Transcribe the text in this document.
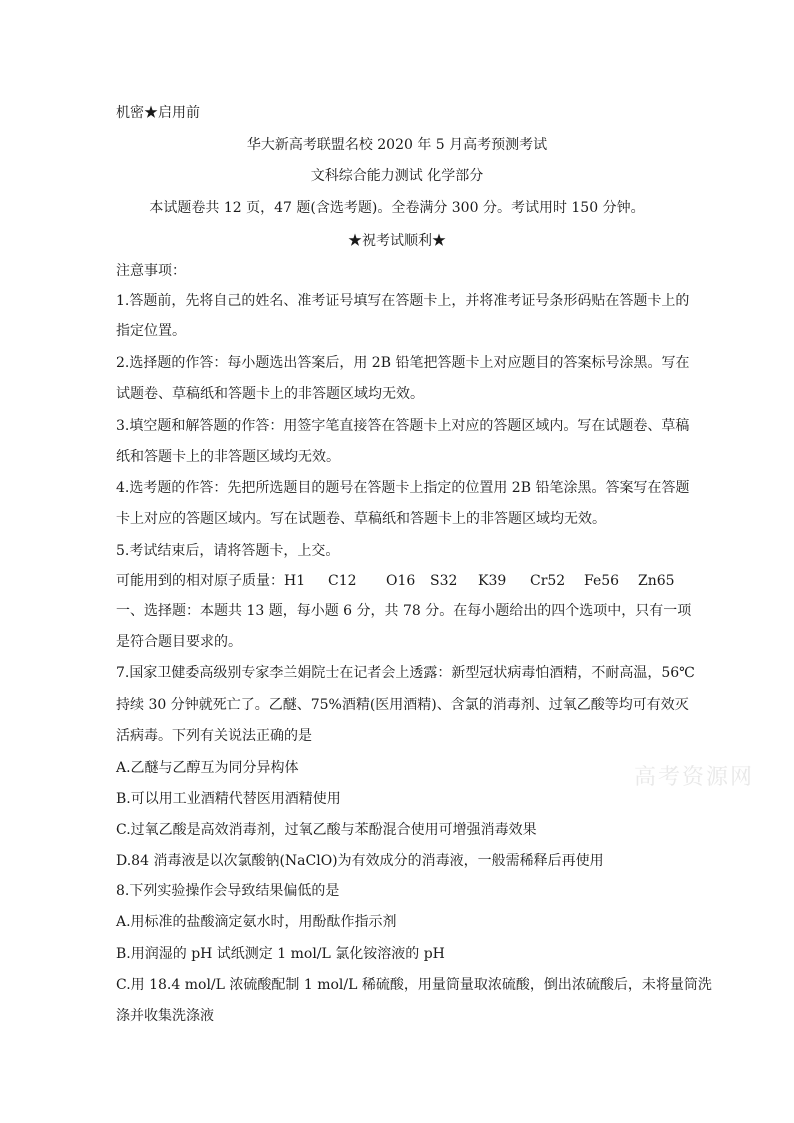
机密★启用前
华大新高考联盟名校 2020 年 5 月高考预测考试
文科综合能力测试 化学部分
本试题卷共 12 页，47 题(含选考题)。全卷满分 300 分。考试用时 150 分钟。
★祝考试顺利★
注意事项：
1.答题前，先将自己的姓名、准考证号填写在答题卡上，并将准考证号条形码贴在答题卡上的
指定位置。
2.选择题的作答：每小题选出答案后，用 2B 铅笔把答题卡上对应题目的答案标号涂黑。写在
试题卷、草稿纸和答题卡上的非答题区域均无效。
3.填空题和解答题的作答：用签字笔直接答在答题卡上对应的答题区域内。写在试题卷、草稿
纸和答题卡上的非答题区域均无效。
4.选考题的作答：先把所选题目的题号在答题卡上指定的位置用 2B 铅笔涂黑。答案写在答题
卡上对应的答题区域内。写在试题卷、草稿纸和答题卡上的非答题区域均无效。
5.考试结束后，请将答题卡，上交。
可能用到的相对原子质量：H1 C12 O16 S32 K39 Cr52 Fe56 Zn65
一、选择题：本题共 13 题，每小题 6 分，共 78 分。在每小题给出的四个选项中，只有一项
是符合题目要求的。
7.国家卫健委高级别专家李兰娟院士在记者会上透露：新型冠状病毒怕酒精，不耐高温，56℃
持续 30 分钟就死亡了。乙醚、75%酒精(医用酒精)、含氯的消毒剂、过氧乙酸等均可有效灭
活病毒。下列有关说法正确的是
A.乙醚与乙醇互为同分异构体
B.可以用工业酒精代替医用酒精使用
C.过氧乙酸是高效消毒剂，过氧乙酸与苯酚混合使用可增强消毒效果
D.84 消毒液是以次氯酸钠(NaClO)为有效成分的消毒液，一般需稀释后再使用
8.下列实验操作会导致结果偏低的是
A.用标准的盐酸滴定氨水时，用酚酞作指示剂
B.用润湿的 pH 试纸测定 1 mol/L 氯化铵溶液的 pH
C.用 18.4 mol/L 浓硫酸配制 1 mol/L 稀硫酸，用量筒量取浓硫酸，倒出浓硫酸后，未将量筒洗
涤并收集洗涤液
高考资源网
